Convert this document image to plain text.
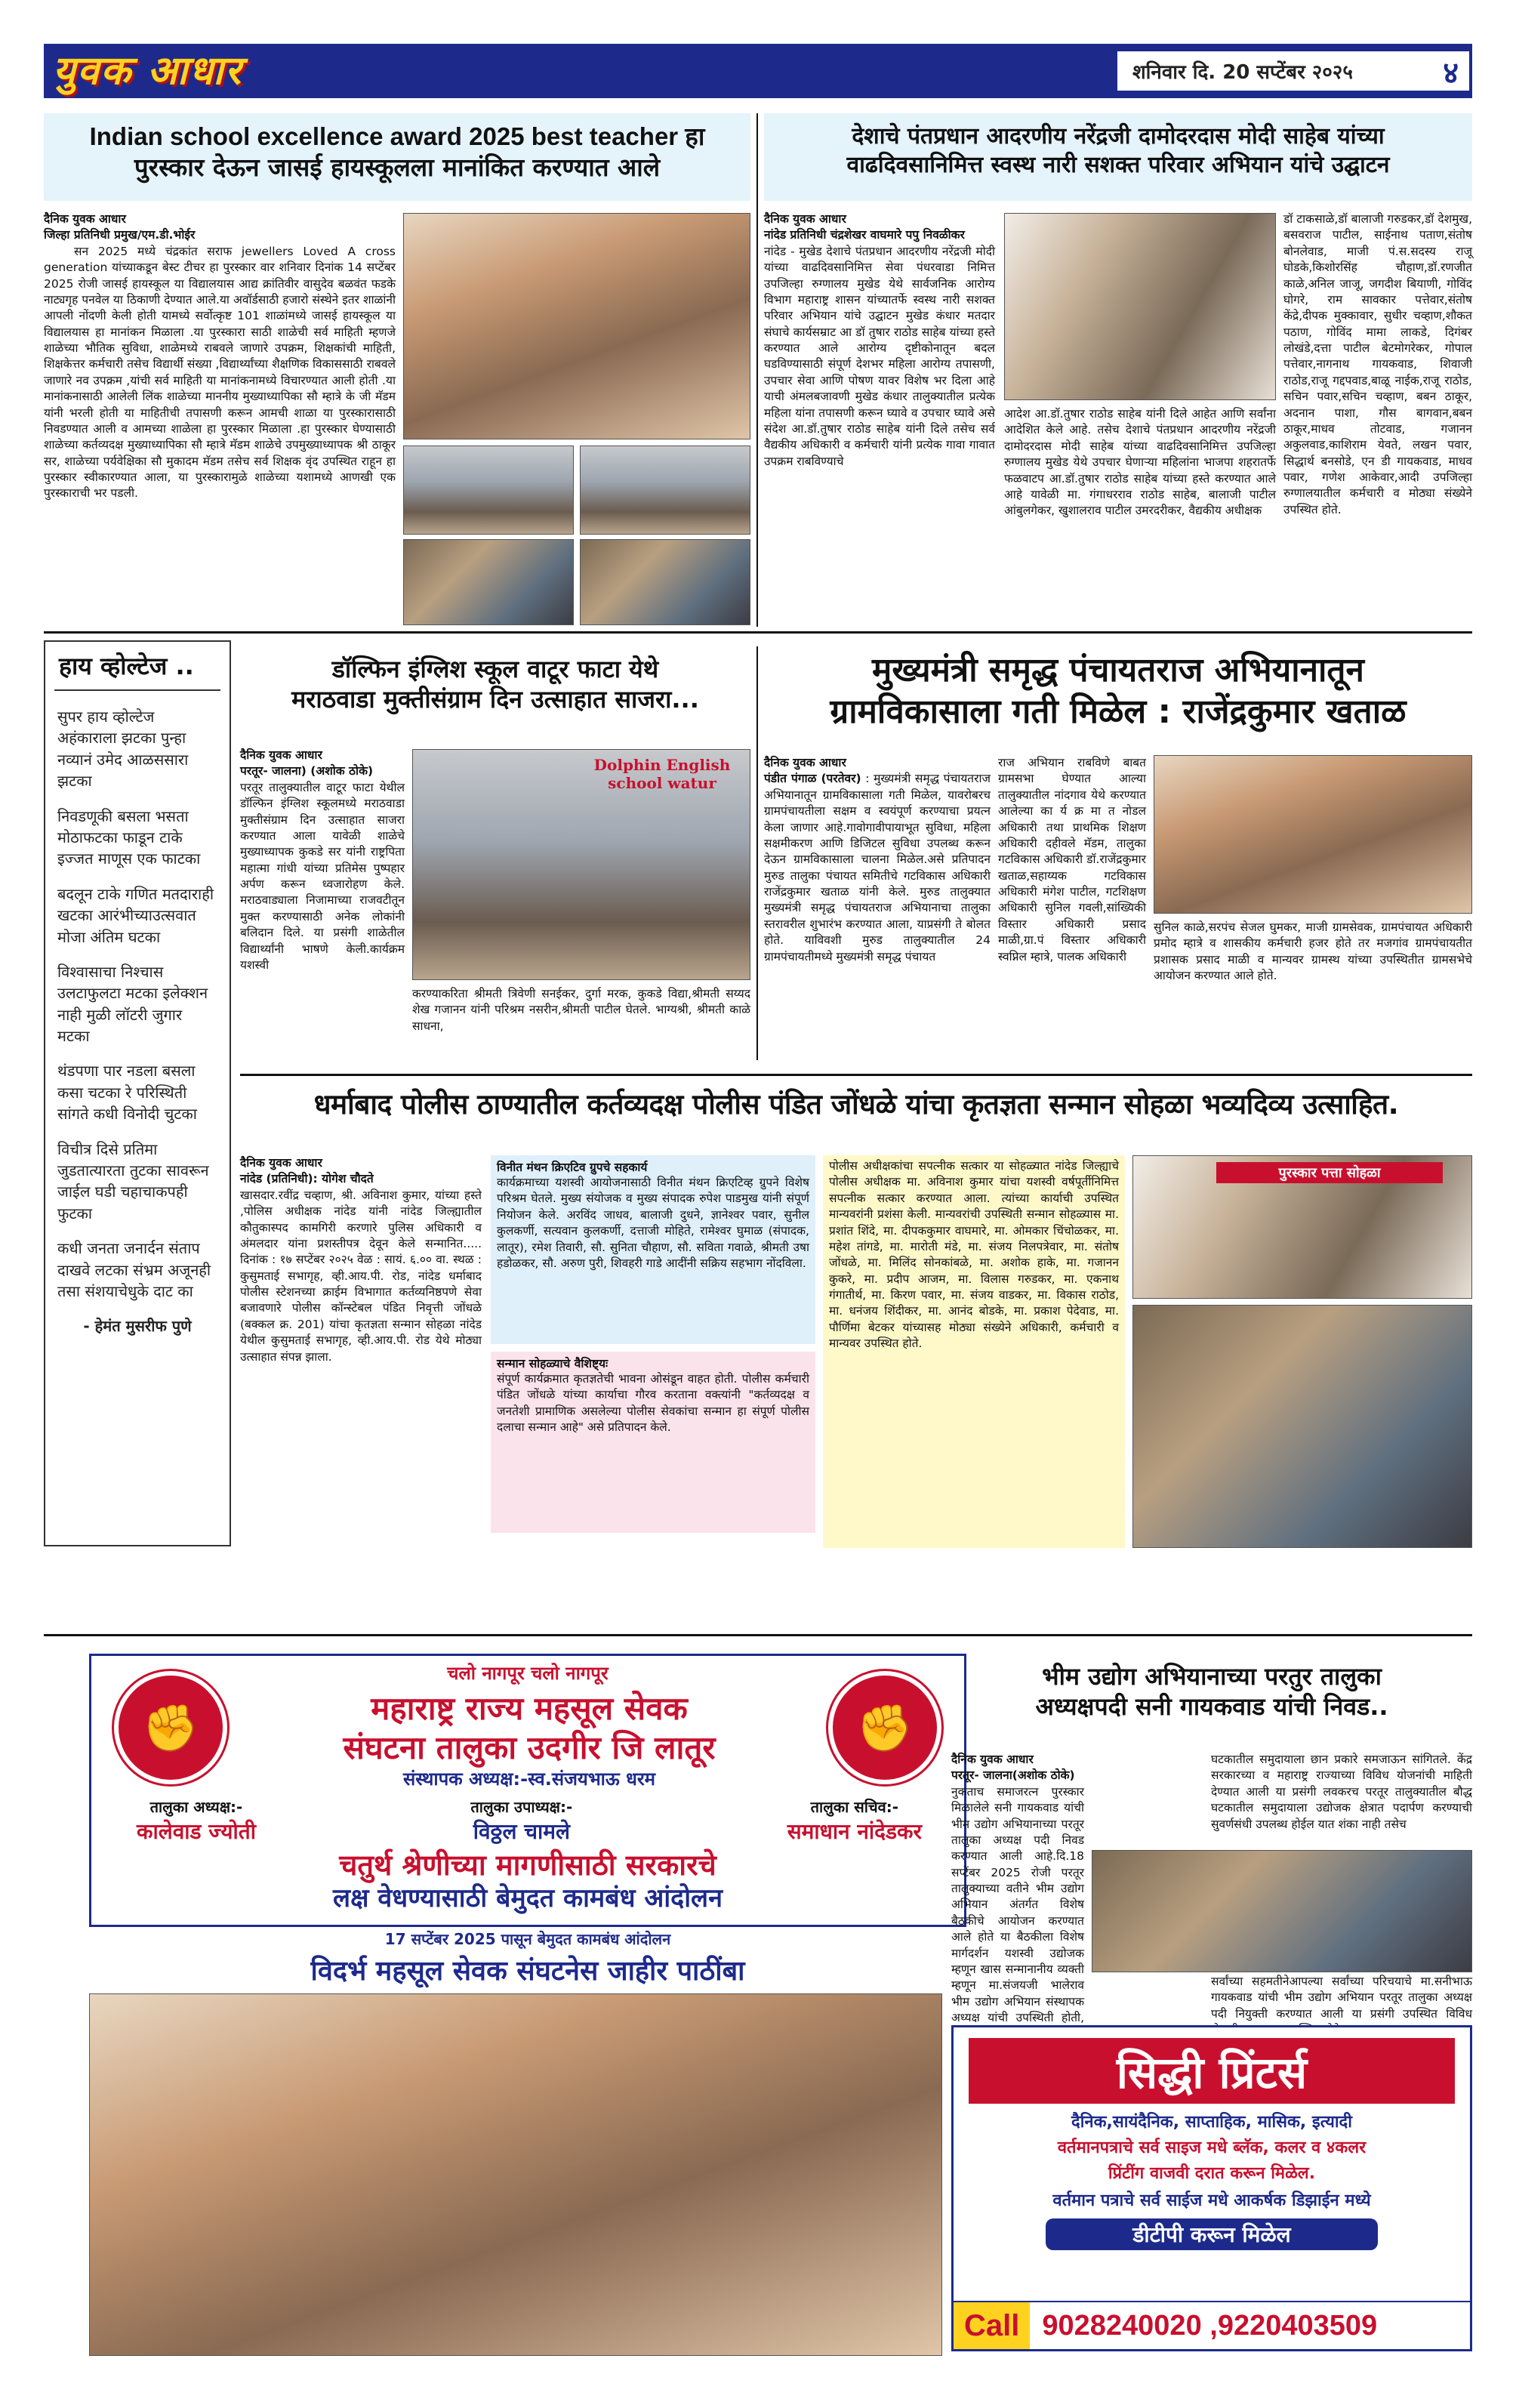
युवक आधार	शनिवार दि. 20 सप्टेंबर २०२५	४
Indian school excellence award 2025 best teacher हा
पुरस्कार देऊन जासई हायस्कूलला मानांकित करण्यात आले
दैनिक युवक आधार
जिल्हा प्रतिनिधी प्रमुख/एम.डी.भोईर
सन 2025 मध्ये चंद्रकांत सराफ jewellers Loved A cross generation यांच्याकडून बेस्ट टीचर हा पुरस्कार वार शनिवार दिनांक 14 सप्टेंबर 2025 रोजी जासई हायस्कूल या विद्यालयास आद्य क्रांतिवीर वासुदेव बळवंत फडके नाट्यगृह पनवेल या ठिकाणी देण्यात आले.या अवॉर्डसाठी हजारो संस्थेने इतर शाळांनी आपली नोंदणी केली होती यामध्ये सर्वोत्कृष्ट 101 शाळांमध्ये जासई हायस्कूल या विद्यालयास हा मानांकन मिळाला .या पुरस्कारा साठी शाळेची सर्व माहिती म्हणजे शाळेच्या भौतिक सुविधा, शाळेमध्ये राबवले जाणारे उपक्रम, शिक्षकांची माहिती, शिक्षकेत्तर कर्मचारी तसेच विद्यार्थी संख्या ,विद्यार्थ्यांच्या शैक्षणिक विकाससाठी राबवले जाणारे नव उपक्रम ,यांची सर्व माहिती या मानांकनामध्ये विचारण्यात आली होती .या मानांकनासाठी आलेली लिंक शाळेच्या माननीय मुख्याध्यापिका सौ म्हात्रे के जी मॅडम यांनी भरली होती या माहितीची तपासणी करून आमची शाळा या पुरस्कारासाठी निवडण्यात आली व आमच्या शाळेला हा पुरस्कार मिळाला .हा पुरस्कार घेण्यासाठी शाळेच्या कर्तव्यदक्ष मुख्याध्यापिका सौ म्हात्रे मॅडम शाळेचे उपमुख्याध्यापक श्री ठाकूर सर, शाळेच्या पर्यवेक्षिका सौ मुकादम मॅडम तसेच सर्व शिक्षक वृंद उपस्थित राहून हा पुरस्कार स्वीकारण्यात आला, या पुरस्कारामुळे शाळेच्या यशामध्ये आणखी एक पुरस्काराची भर पडली.
देशाचे पंतप्रधान आदरणीय नरेंद्रजी दामोदरदास मोदी साहेब यांच्या
वाढदिवसानिमित्त स्वस्थ नारी सशक्त परिवार अभियान यांचे उद्घाटन
दैनिक युवक आधार
नांदेड प्रतिनिधी चंद्रशेखर वाघमारे पपु निवळीकर
नांदेड - मुखेड देशाचे पंतप्रधान आदरणीय नरेंद्रजी मोदी यांच्या वाढदिवसानिमित्त सेवा पंधरवाडा निमित्त उपजिल्हा रुग्णालय मुखेड येथे सार्वजनिक आरोग्य विभाग महाराष्ट्र शासन यांच्यातर्फे स्वस्थ नारी सशक्त परिवार अभियान यांचे उद्घाटन मुखेड कंधार मतदार संघाचे कार्यसम्राट आ डॉ तुषार राठोड साहेब यांच्या हस्ते करण्यात आले आरोग्य दृष्टीकोनातून बदल घडविण्यासाठी संपूर्ण देशभर महिला आरोग्य तपासणी, उपचार सेवा आणि पोषण यावर विशेष भर दिला आहे याची अंमलबजावणी मुखेड कंधार तालुक्यातील प्रत्येक महिला यांना तपासणी करून घ्यावे व उपचार घ्यावे असे संदेश आ.डॉ.तुषार राठोड साहेब यांनी दिले तसेच सर्व वैद्यकीय अधिकारी व कर्मचारी यांनी प्रत्येक गावा गावात उपक्रम राबविण्याचे
आदेश आ.डॉ.तुषार राठोड साहेब यांनी दिले आहेत आणि सर्वांना आदेशित केले आहे. तसेच देशाचे पंतप्रधान आदरणीय नरेंद्रजी दामोदरदास मोदी साहेब यांच्या वाढदिवसानिमित्त उपजिल्हा रुग्णालय मुखेड येथे उपचार घेणाऱ्या महिलांना भाजपा शहरातर्फे फळवाटप आ.डॉ.तुषार राठोड साहेब यांच्या हस्ते करण्यात आले आहे यावेळी मा. गंगाधरराव राठोड साहेब, बालाजी पाटील आंबुलगेकर, खुशालराव पाटील उमरदरीकर, वैद्यकीय अधीक्षक
डॉ टाकसाळे,डॉ बालाजी गरुडकर,डॉ देशमुख, बसवराज पाटील, साईनाथ पताण,संतोष बोनलेवाड, माजी पं.स.सदस्य राजू घोडके,किशोरसिंह चौहाण,डॉ.रणजीत काळे,अनिल जाजू, जगदीश बियाणी, गोविंद घोगरे, राम सावकार पत्तेवार,संतोष केंद्रे,दीपक मुक्कावार, सुधीर चव्हाण,शौकत पठाण, गोविंद मामा लाकडे, दिगंबर लोखंडे,दत्ता पाटील बेटमोगरेकर, गोपाल पत्तेवार,नागनाथ गायकवाड, शिवाजी राठोड,राजू गद्दपवाड,बाळू नाईक,राजू राठोड, सचिन पवार,सचिन चव्हाण, बबन ठाकूर, अदनान पाशा, गौस बागवान,बबन ठाकूर,माधव तोटवाड, गजानन अकुलवाड,काशिराम येवते, लखन पवार, सिद्धार्थ बनसोडे, एन डी गायकवाड, माधव पवार, गणेश आकेवार,आदी उपजिल्हा रुग्णालयातील कर्मचारी व मोठ्या संख्येने उपस्थित होते.
हाय व्होल्टेज ..

सुपर हाय व्होल्टेज अहंकाराला झटका पुन्हा नव्यानं उमेद आळससारा झटका

निवडणूकी बसला भसता मोठाफटका फाडून टाके इज्जत माणूस एक फाटका

बदलून टाके गणित मतदाराही खटका आरंभीच्याउत्सवात मोजा अंतिम घटका

विश्वासाचा निश्चास उलटाफुलटा मटका इलेक्शन नाही मुळी लॉटरी जुगार मटका

थंडपणा पार नडला बसला कसा चटका रे परिस्थिती सांगते कधी विनोदी चुटका

विचीत्र दिसे प्रतिमा जुडतात्यारता तुटका सावरून जाईल घडी चहाचाकपही फुटका

कधी जनता जनार्दन संताप दाखवे लटका संभ्रम अजूनही तसा संशयाचेधुके दाट का

- हेमंत मुसरीफ पुणे

डॉल्फिन इंग्लिश स्कूल वाटूर फाटा येथे
मराठवाडा मुक्तीसंग्राम दिन उत्साहात साजरा...
दैनिक युवक आधार
परतूर- जालना) (अशोक ठोके)
परतूर तालुक्यातील वाटूर फाटा येथील डॉल्फिन इंग्लिश स्कूलमध्ये मराठवाडा मुक्तीसंग्राम दिन उत्साहात साजरा करण्यात आला यावेळी शाळेचे मुख्याध्यापक कुकडे सर यांनी राष्ट्रपिता महात्मा गांधी यांच्या प्रतिमेस पुष्पहार अर्पण करून ध्वजारोहण केले. मराठवाड्याला निजामाच्या राजवटीतून मुक्त करण्यासाठी अनेक लोकांनी बलिदान दिले. या प्रसंगी शाळेतील विद्यार्थ्यांनी भाषणे केली.कार्यक्रम यशस्वी
Dolphin English school watur
करण्याकरिता श्रीमती त्रिवेणी सनईकर, दुर्गा मरक, कुकडे विद्या,श्रीमती सय्यद शेख गजानन यांनी परिश्रम नसरीन,श्रीमती पाटील घेतले. भाग्यश्री, श्रीमती काळे साधना,
मुख्यमंत्री समृद्ध पंचायतराज अभियानातून
ग्रामविकासाला गती मिळेल : राजेंद्रकुमार खताळ
दैनिक युवक आधार
पंडीत पंगाळ (परतेवर) : मुख्यमंत्री समृद्ध पंचायतराज अभियानातून ग्रामविकासाला गती मिळेल, यावरोबरच ग्रामपंचायतीला सक्षम व स्वयंपूर्ण करण्याचा प्रयत्न केला जाणार आहे.गावोगावीपायाभूत सुविधा, महिला सक्षमीकरण आणि डिजिटल सुविधा उपलब्ध करून देऊन ग्रामविकासाला चालना मिळेल.असे प्रतिपादन मुरुड तालुका पंचायत समितीचे गटविकास अधिकारी राजेंद्रकुमार खताळ यांनी केले. मुरुड तालुक्यात मुख्यमंत्री समृद्ध पंचायतराज अभियानाचा तालुका स्तरावरील शुभारंभ करण्यात आला, याप्रसंगी ते बोलत होते. याविवशी मुरुड तालुक्यातील 24 ग्रामपंचायतीमध्ये मुख्यमंत्री समृद्ध पंचायत
राज अभियान राबविणे बाबत ग्रामसभा घेण्यात आल्या तालुक्यातील नांदगाव येथे करण्यात आलेल्या का र्य क्र मा त नोडल अधिकारी तथा प्राथमिक शिक्षण अधिकारी दहीवले मॅडम, तालुका गटविकास अधिकारी डॉ.राजेंद्रकुमार खताळ,सहाय्यक गटविकास अधिकारी मंगेश पाटील, गटशिक्षण अधिकारी सुनिल गवली,सांख्यिकी विस्तार अधिकारी प्रसाद माळी,ग्रा.पं विस्तार अधिकारी स्वप्निल म्हात्रे, पालक अधिकारी
सुनिल काळे,सरपंच सेजल घुमकर, माजी ग्रामसेवक, ग्रामपंचायत अधिकारी प्रमोद म्हात्रे व शासकीय कर्मचारी हजर होते तर मजगांव ग्रामपंचायतीत प्रशासक प्रसाद माळी व मान्यवर ग्रामस्थ यांच्या उपस्थितीत ग्रामसभेचे आयोजन करण्यात आले होते.
धर्माबाद पोलीस ठाण्यातील कर्तव्यदक्ष पोलीस पंडित जोंधळे यांचा कृतज्ञता सन्मान सोहळा भव्यदिव्य उत्साहित.
दैनिक युवक आधार
नांदेड (प्रतिनिधी): योगेश चौदते
खासदार.रवींद्र चव्हाण, श्री. अविनाश कुमार, यांच्या हस्ते ,पोलिस अधीक्षक नांदेड यांनी नांदेड जिल्ह्यातील कौतुकास्पद कामगिरी करणारे पुलिस अधिकारी व अंमलदार यांना प्रशस्तीपत्र देवून केले सन्मानित..... दिनांक : १७ सप्टेंबर २०२५ वेळ : सायं. ६.०० वा. स्थळ : कुसुमताई सभागृह, व्ही.आय.पी. रोड, नांदेड धर्माबाद पोलीस स्टेशनच्या क्राईम विभागात कर्तव्यनिष्ठपणे सेवा बजावणारे पोलीस कॉन्स्टेबल पंडित निवृत्ती जोंधळे (बक्कल क्र. 201) यांचा कृतज्ञता सन्मान सोहळा नांदेड येथील कुसुमताई सभागृह, व्ही.आय.पी. रोड येथे मोठ्या उत्साहात संपन्न झाला.
विनीत मंथन क्रिएटिव ग्रुपचे सहकार्य
कार्यक्रमाच्या यशस्वी आयोजनासाठी विनीत मंथन क्रिएटिव्ह ग्रुपने विशेष परिश्रम घेतले. मुख्य संयोजक व मुख्य संपादक रुपेश पाडमुख यांनी संपूर्ण नियोजन केले. अरविंद जाधव, बालाजी दुधने, ज्ञानेश्वर पवार, सुनील कुलकर्णी, सत्यवान कुलकर्णी, दत्ताजी मोहिते, रामेश्वर घुमाळ (संपादक, लातूर), रमेश तिवारी, सौ. सुनिता चौहाण, सौ. सविता गवाळे, श्रीमती उषा हडोळकर, सौ. अरुण पुरी, शिवहरी गाडे आदींनी सक्रिय सहभाग नोंदविला.
सन्मान सोहळ्याचे वैशिष्ट्यः
संपूर्ण कार्यक्रमात कृतज्ञतेची भावना ओसंडून वाहत होती. पोलीस कर्मचारी पंडित जोंधळे यांच्या कार्याचा गौरव करताना वक्त्यांनी "कर्तव्यदक्ष व जनतेशी प्रामाणिक असलेल्या पोलीस सेवकांचा सन्मान हा संपूर्ण पोलीस दलाचा सन्मान आहे" असे प्रतिपादन केले.
पोलीस अधीक्षकांचा सपत्नीक सत्कार या सोहळ्यात नांदेड जिल्ह्याचे पोलीस अधीक्षक मा. अविनाश कुमार यांचा यशस्वी वर्षपूर्तीनिमित्त सपत्नीक सत्कार करण्यात आला. त्यांच्या कार्याची उपस्थित मान्यवरांनी प्रशंसा केली. मान्यवरांची उपस्थिती सन्मान सोहळ्यास मा. प्रशांत शिंदे, मा. दीपककुमार वाघमारे, मा. ओमकार चिंचोळकर, मा. महेश तांगडे, मा. मारोती मंडे, मा. संजय निलपत्रेवार, मा. संतोष जोंधळे, मा. मिलिंद सोनकांबळे, मा. अशोक हाके, मा. गजानन कुकरे, मा. प्रदीप आजम, मा. विलास गरुडकर, मा. एकनाथ गंगातीर्थ, मा. किरण पवार, मा. संजय वाडकर, मा. विकास राठोड, मा. धनंजय शिंदीकर, मा. आनंद बोडके, मा. प्रकाश पेदेवाड, मा. पौर्णिमा बेटकर यांच्यासह मोठ्या संख्येने अधिकारी, कर्मचारी व मान्यवर उपस्थित होते.
पुरस्कार पत्ता सोहळा
चलो नागपूर चलो नागपूर
✊	✊
महाराष्ट्र राज्य महसूल सेवक
संघटना तालुका उदगीर जि लातूर
संस्थापक अध्यक्ष:-स्व.संजयभाऊ धरम
तालुका अध्यक्ष:-
कालेवाड ज्योती
तालुका उपाध्यक्ष:-
विठ्ठल चामले
तालुका सचिव:-
समाधान नांदेडकर
चतुर्थ श्रेणीच्या मागणीसाठी सरकारचे
लक्ष वेधण्यासाठी बेमुदत कामबंध आंदोलन
17 सप्टेंबर 2025 पासून बेमुदत कामबंध आंदोलन
विदर्भ महसूल सेवक संघटनेस जाहीर पाठींबा
भीम उद्योग अभियानाच्या परतुर तालुका
अध्यक्षपदी सनी गायकवाड यांची निवड..
दैनिक युवक आधार
परतूर- जालना(अशोक ठोके)
नुकताच समाजरत्न पुरस्कार मिळालेले सनी गायकवाड यांची भीम उद्योग अभियानाच्या परतूर तालुका अध्यक्ष पदी निवड करण्यात आली आहे.दि.18 सप्टेंबर 2025 रोजी परतूर तालुक्याच्या वतीने भीम उद्योग अभियान अंतर्गत विशेष बैठकीचे आयोजन करण्यात आले होते या बैठकीला विशेष मार्गदर्शन यशस्वी उद्योजक म्हणून खास सन्मानानीय व्यक्ती म्हणून मा.संजयजी भालेराव भीम उद्योग अभियान संस्थापक अध्यक्ष यांची उपस्थिती होती,
घटकातील समुदायाला छान प्रकारे समजाऊन सांगितले. केंद्र सरकारच्या व महाराष्ट्र राज्याच्या विविध योजनांची माहिती देण्यात आली या प्रसंगी लवकरच परतूर तालुक्यातील बौद्ध घटकातील समुदायाला उद्योजक क्षेत्रात पदार्पण करण्याची सुवर्णसंधी उपलब्ध होईल यात शंका नाही तसेच
सर्वांच्या सहमतीनेआपल्या सर्वांच्या परिचयाचे मा.सनीभाऊ गायकवाड यांची भीम उद्योग अभियान परतूर तालुका अध्यक्ष पदी नियुक्ती करण्यात आली या प्रसंगी उपस्थित विविध
सिद्धी प्रिंटर्स
दैनिक,सायंदैनिक, साप्ताहिक, मासिक, इत्यादी
वर्तमानपत्राचे सर्व साइज मधे ब्लॅक, कलर व ४कलर
प्रिंटींग वाजवी दरात करून मिळेल.
वर्तमान पत्राचे सर्व साईज मधे आकर्षक डिझाईन मध्ये
डीटीपी करून मिळेल
Call 9028240020 ,9220403509
